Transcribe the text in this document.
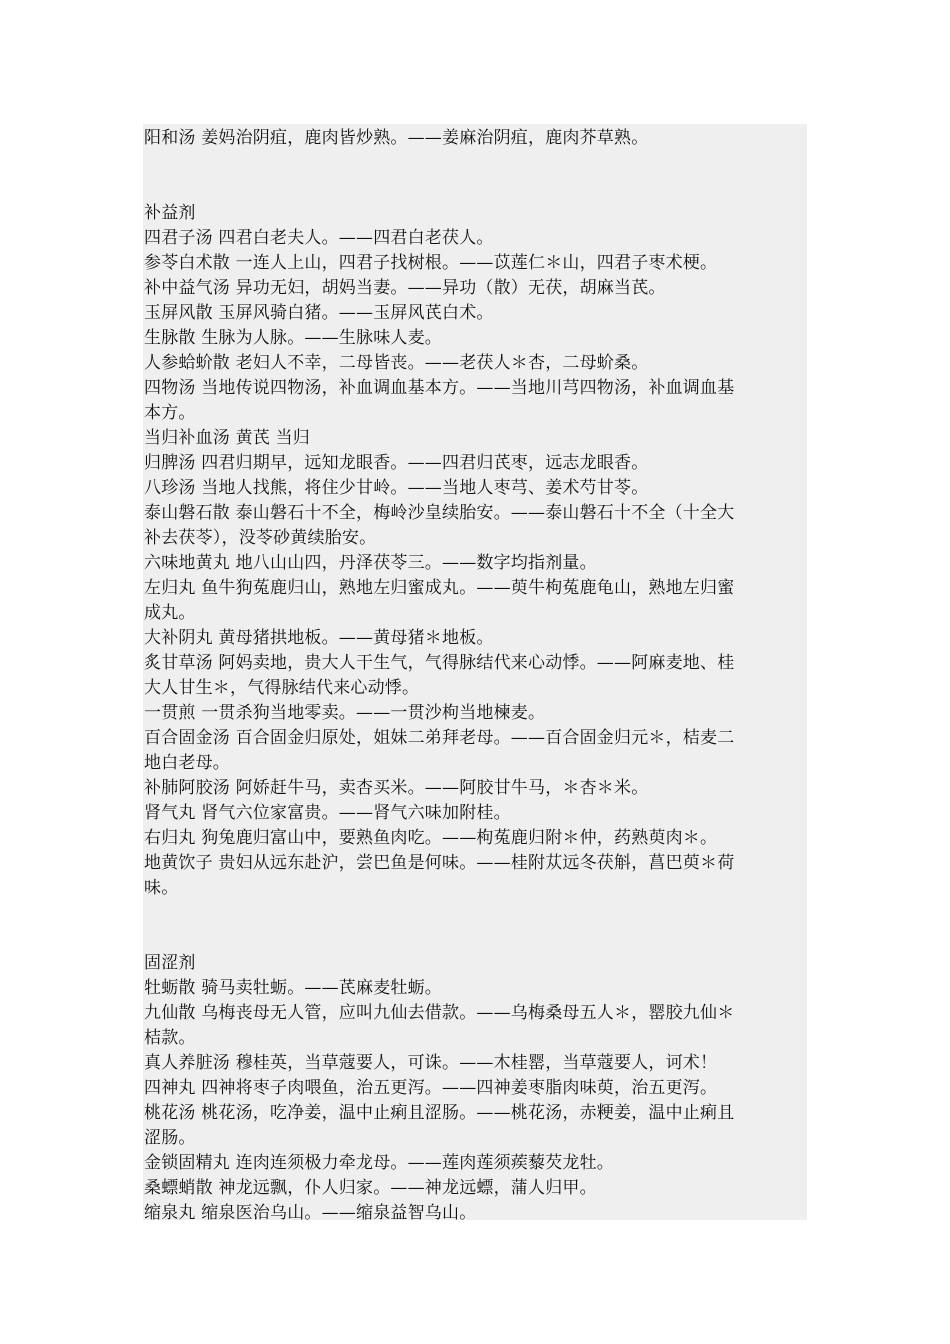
阳和汤 姜妈治阴疽，鹿肉皆炒熟。——姜麻治阴疽，鹿肉芥草熟。
补益剂
四君子汤 四君白老夫人。——四君白老茯人。
参苓白术散 一连人上山，四君子找树根。——苡莲仁＊山，四君子枣术梗。
补中益气汤 异功无妇，胡妈当妻。——异功（散）无茯，胡麻当芪。
玉屏风散 玉屏风骑白猪。——玉屏风芪白术。
生脉散 生脉为人脉。——生脉味人麦。
人参蛤蚧散 老妇人不幸，二母皆丧。——老茯人＊杏，二母蚧桑。
四物汤 当地传说四物汤，补血调血基本方。——当地川芎四物汤，补血调血基
本方。
当归补血汤 黄芪 当归
归脾汤 四君归期早，远知龙眼香。——四君归芪枣，远志龙眼香。
八珍汤 当地人找熊，将住少甘岭。——当地人枣芎、姜术芍甘苓。
泰山磐石散 泰山磐石十不全，梅岭沙皇续胎安。——泰山磐石十不全（十全大
补去茯苓），没苓砂黄续胎安。
六味地黄丸 地八山山四，丹泽茯苓三。——数字均指剂量。
左归丸 鱼牛狗菟鹿归山，熟地左归蜜成丸。——萸牛枸菟鹿龟山，熟地左归蜜
成丸。
大补阴丸 黄母猪拱地板。——黄母猪＊地板。
炙甘草汤 阿妈卖地，贵大人干生气，气得脉结代来心动悸。——阿麻麦地、桂
大人甘生＊，气得脉结代来心动悸。
一贯煎 一贯杀狗当地零卖。——一贯沙枸当地楝麦。
百合固金汤 百合固金归原处，姐妹二弟拜老母。——百合固金归元＊，桔麦二
地白老母。
补肺阿胶汤 阿娇赶牛马，卖杏买米。——阿胶甘牛马，＊杏＊米。
肾气丸 肾气六位家富贵。——肾气六味加附桂。
右归丸 狗兔鹿归富山中，要熟鱼肉吃。——枸菟鹿归附＊仲，药熟萸肉＊。
地黄饮子 贵妇从远东赴沪，尝巴鱼是何味。——桂附苁远冬茯斛，菖巴萸＊荷
味。
固涩剂
牡蛎散 骑马卖牡蛎。——芪麻麦牡蛎。
九仙散 乌梅丧母无人管，应叫九仙去借款。——乌梅桑母五人＊，罂胶九仙＊
桔款。
真人养脏汤 穆桂英，当草蔻要人，可诛。——木桂罂，当草蔻要人，诃术！
四神丸 四神将枣子肉喂鱼，治五更泻。——四神姜枣脂肉味萸，治五更泻。
桃花汤 桃花汤，吃净姜，温中止痢且涩肠。——桃花汤，赤粳姜，温中止痢且
涩肠。
金锁固精丸 连肉连须极力牵龙母。——莲肉莲须蒺藜芡龙牡。
桑螵蛸散 神龙远飘，仆人归家。——神龙远螵，蒲人归甲。
缩泉丸 缩泉医治乌山。——缩泉益智乌山。
